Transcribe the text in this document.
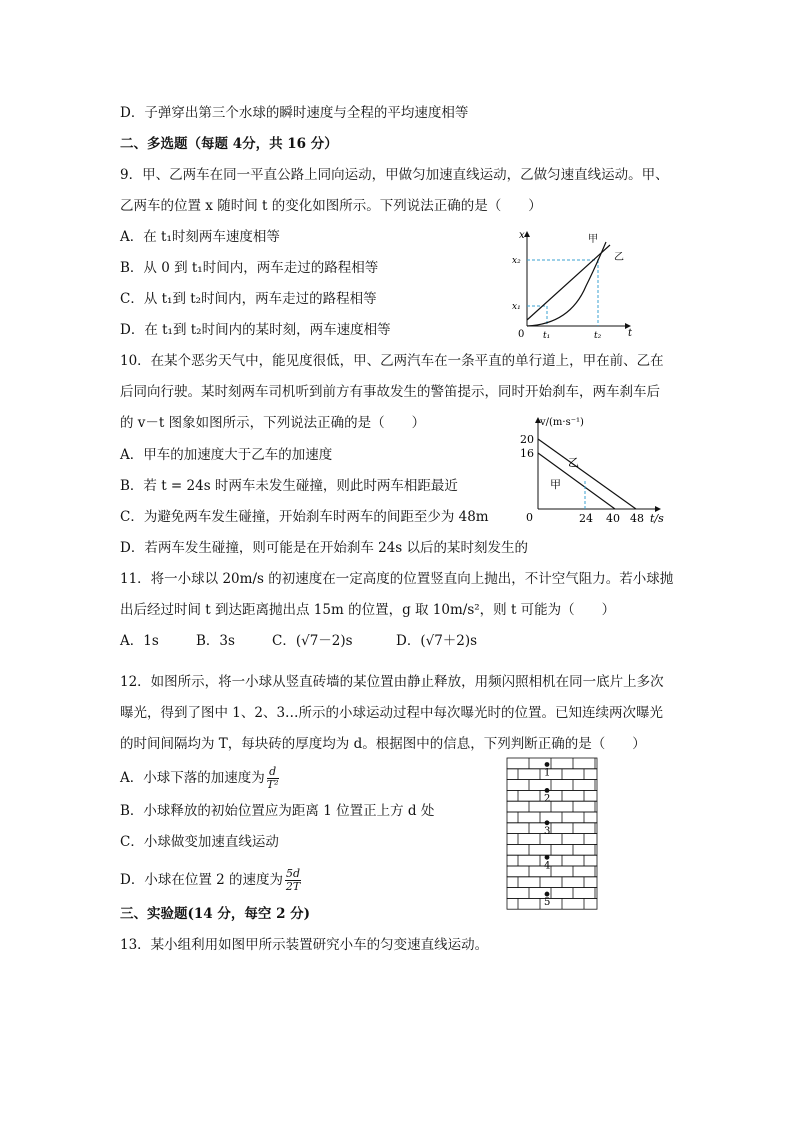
D．子弹穿出第三个水球的瞬时速度与全程的平均速度相等
二、多选题（每题 4分，共 16 分）
9．甲、乙两车在同一平直公路上同向运动，甲做匀加速直线运动，乙做匀速直线运动。甲、
乙两车的位置 x 随时间 t 的变化如图所示。下列说法正确的是（　　）
A．在 t₁时刻两车速度相等
B．从 0 到 t₁时间内，两车走过的路程相等
C．从 t₁到 t₂时间内，两车走过的路程相等
D．在 t₁到 t₂时间内的某时刻，两车速度相等
x
t
0 t₁	t₂
x₁
x₂
甲
乙
10．在某个恶劣天气中，能见度很低，甲、乙两汽车在一条平直的单行道上，甲在前、乙在
后同向行驶。某时刻两车司机听到前方有事故发生的警笛提示，同时开始刹车，两车刹车后
的 v－t 图象如图所示，下列说法正确的是（　　）
A．甲车的加速度大于乙车的加速度
B．若 t = 24s 时两车未发生碰撞，则此时两车相距最近
C．为避免两车发生碰撞，开始刹车时两车的间距至少为 48m
D．若两车发生碰撞，则可能是在开始刹车 24s 以后的某时刻发生的
v/(m·s⁻¹)
t/s
20
16
0	24 40 48
乙
甲
11．将一小球以 20m/s 的初速度在一定高度的位置竖直向上抛出，不计空气阻力。若小球抛
出后经过时间 t 到达距离抛出点 15m 的位置，g 取 10m/s²，则 t 可能为（　　）
A．1s	B．3s	C．(√7－2)s	D．(√7＋2)s
12．如图所示，将一小球从竖直砖墙的某位置由静止释放，用频闪照相机在同一底片上多次
曝光，得到了图中 1、2、3…所示的小球运动过程中每次曝光时的位置。已知连续两次曝光
的时间间隔均为 T，每块砖的厚度均为 d。根据图中的信息，下列判断正确的是（　　）
A．小球下落的加速度为 $\frac{d}{\text{T²}}$
B．小球释放的初始位置应为距离 1 位置正上方 d 处
C．小球做变加速直线运动
D．小球在位置 2 的速度为 $\frac{5d}{2T}$
1
2
3
4
5
三、实验题(14 分，每空 2 分)
13．某小组利用如图甲所示装置研究小车的匀变速直线运动。
